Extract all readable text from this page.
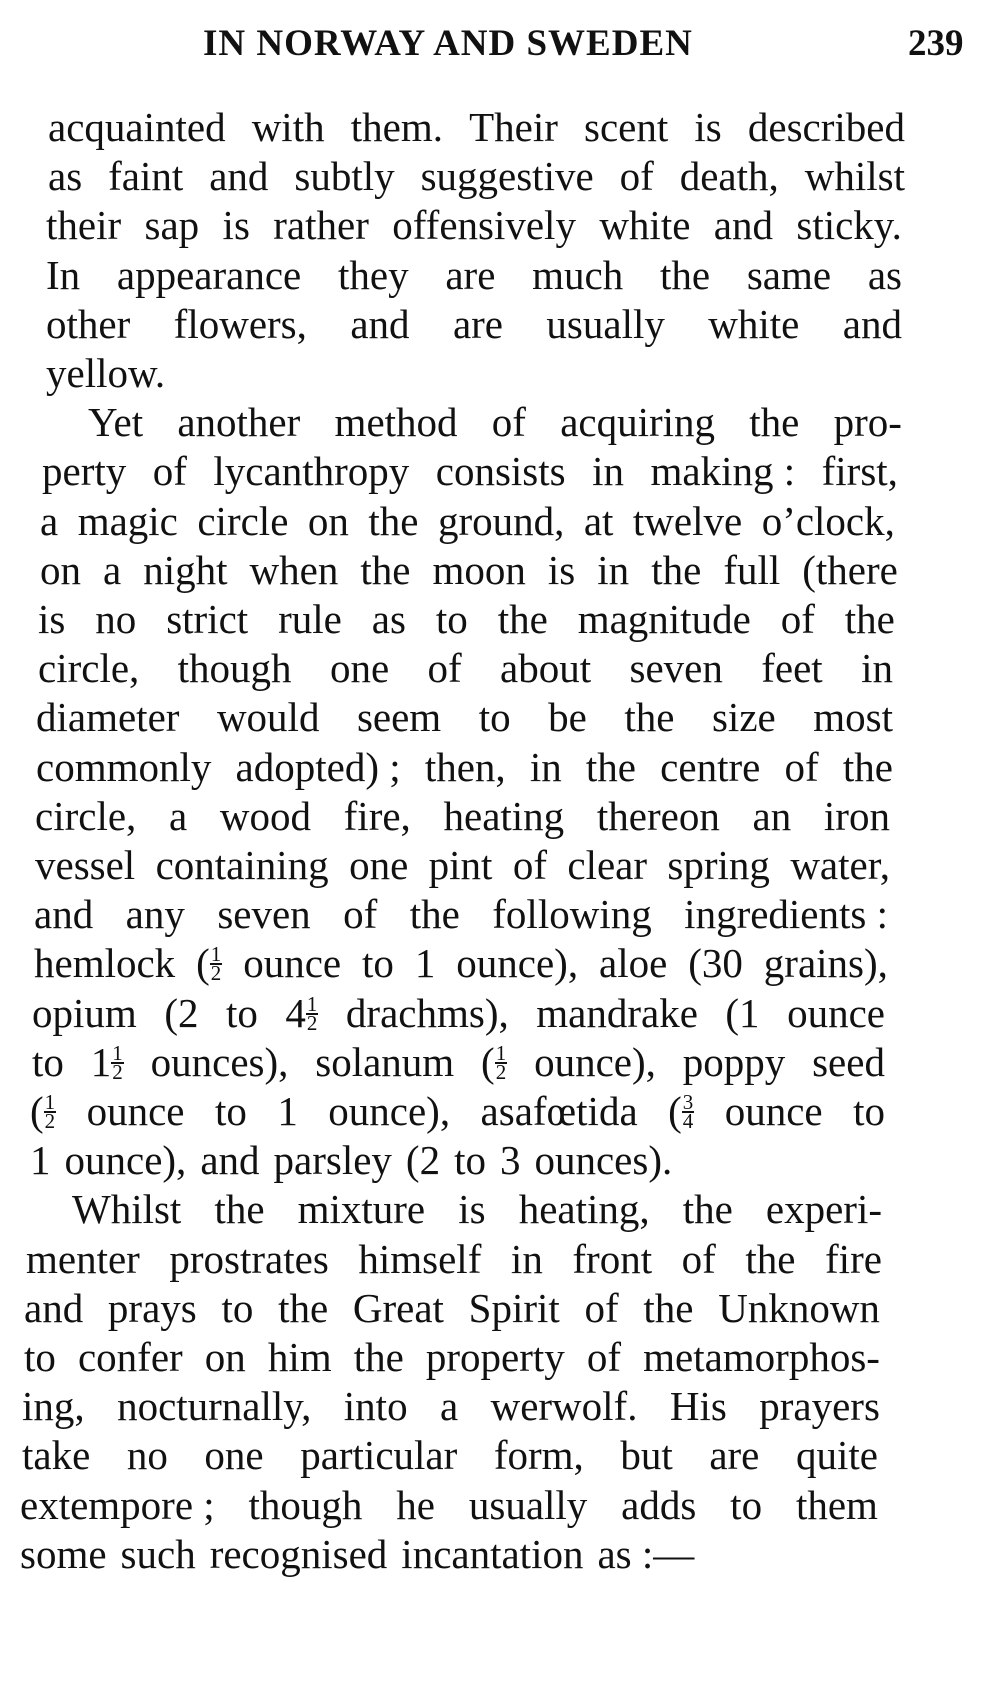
IN NORWAY AND SWEDEN	239
acquainted with them. Their scent is described
as faint and subtly suggestive of death, whilst
their sap is rather offensively white and sticky.
In appearance they are much the same as
other flowers, and are usually white and
yellow.
Yet another method of acquiring the pro-
perty of lycanthropy consists in making : first,
a magic circle on the ground, at twelve o’clock,
on a night when the moon is in the full (there
is no strict rule as to the magnitude of the
circle, though one of about seven feet in
diameter would seem to be the size most
commonly adopted) ; then, in the centre of the
circle, a wood fire, heating thereon an iron
vessel containing one pint of clear spring water,
and any seven of the following ingredients :
hemlock ( $\frac{1}{2}$ ounce to 1 ounce), aloe (30 grains),
opium (2 to $4 \frac{1}{2}$ drachms), mandrake (1 ounce
to $1 \frac{1}{2}$ ounces), solanum ( $\frac{1}{2}$ ounce), poppy seed
( $\frac{1}{2}$ ounce to 1 ounce), asafœtida ( $\frac{3}{4}$ ounce to
1 ounce), and parsley (2 to 3 ounces).
Whilst the mixture is heating, the experi-
menter prostrates himself in front of the fire
and prays to the Great Spirit of the Unknown
to confer on him the property of metamorphos-
ing, nocturnally, into a werwolf. His prayers
take no one particular form, but are quite
extempore ; though he usually adds to them
some such recognised incantation as :—
